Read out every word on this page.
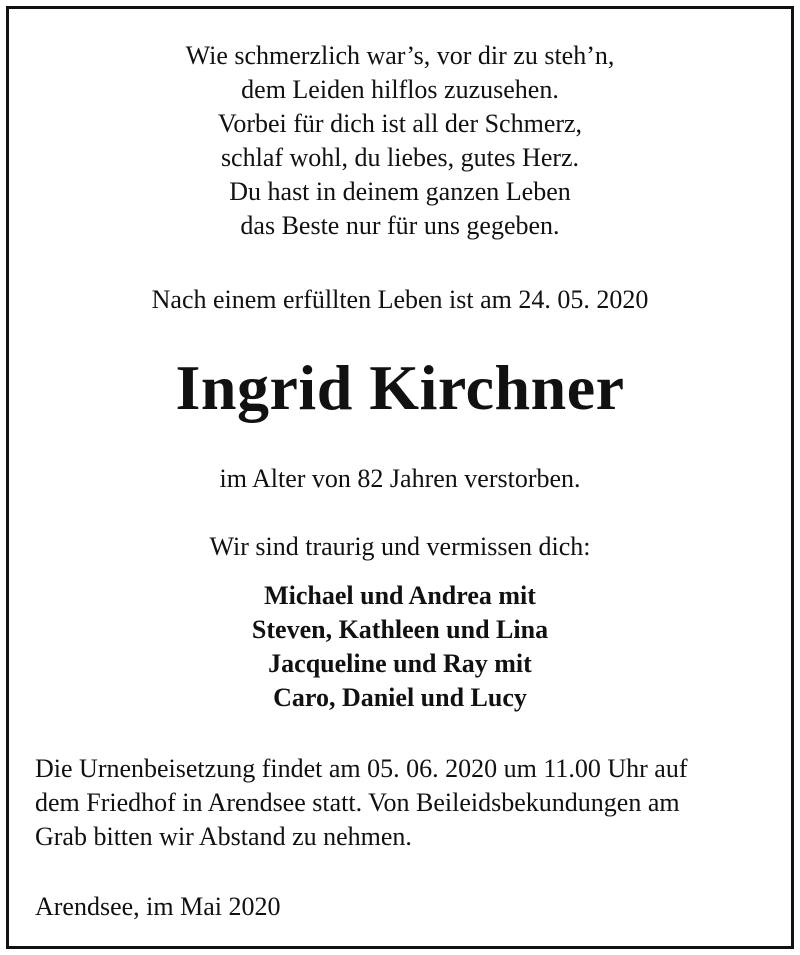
Wie schmerzlich war’s, vor dir zu steh’n,
dem Leiden hilflos zuzusehen.
Vorbei für dich ist all der Schmerz,
schlaf wohl, du liebes, gutes Herz.
Du hast in deinem ganzen Leben
das Beste nur für uns gegeben.
Nach einem erfüllten Leben ist am 24. 05. 2020
Ingrid Kirchner
im Alter von 82 Jahren verstorben.
Wir sind traurig und vermissen dich:
Michael und Andrea mit
Steven, Kathleen und Lina
Jacqueline und Ray mit
Caro, Daniel und Lucy
Die Urnenbeisetzung findet am 05. 06. 2020 um 11.00 Uhr auf
dem Friedhof in Arendsee statt. Von Beileidsbekundungen am
Grab bitten wir Abstand zu nehmen.
Arendsee, im Mai 2020
